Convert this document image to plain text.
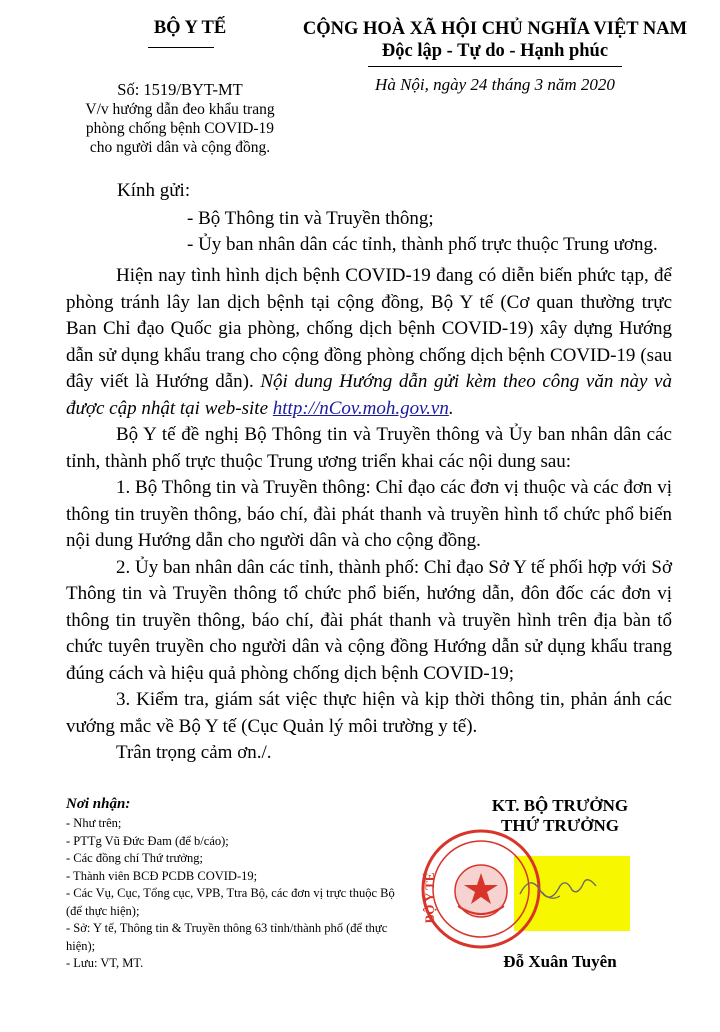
BỘ Y TẾ
Số: 1519/BYT-MT
V/v hướng dẫn đeo khẩu trang
phòng chống bệnh COVID-19
cho người dân và cộng đồng.
CỘNG HOÀ XÃ HỘI CHỦ NGHĨA VIỆT NAM
Độc lập - Tự do - Hạnh phúc
Hà Nội, ngày 24 tháng 3 năm 2020
Kính gửi:
- Bộ Thông tin và Truyền thông;
- Ủy ban nhân dân các tỉnh, thành phố trực thuộc Trung ương.

Hiện nay tình hình dịch bệnh COVID-19 đang có diễn biến phức tạp, để phòng tránh lây lan dịch bệnh tại cộng đồng, Bộ Y tế (Cơ quan thường trực Ban Chỉ đạo Quốc gia phòng, chống dịch bệnh COVID-19) xây dựng Hướng dẫn sử dụng khẩu trang cho cộng đồng phòng chống dịch bệnh COVID-19 (sau đây viết là Hướng dẫn). Nội dung Hướng dẫn gửi kèm theo công văn này và được cập nhật tại web-site http://nCov.moh.gov.vn.

Bộ Y tế đề nghị Bộ Thông tin và Truyền thông và Ủy ban nhân dân các tỉnh, thành phố trực thuộc Trung ương triển khai các nội dung sau:

1. Bộ Thông tin và Truyền thông: Chỉ đạo các đơn vị thuộc và các đơn vị thông tin truyền thông, báo chí, đài phát thanh và truyền hình tổ chức phổ biến nội dung Hướng dẫn cho người dân và cho cộng đồng.

2. Ủy ban nhân dân các tỉnh, thành phố: Chỉ đạo Sở Y tế phối hợp với Sở Thông tin và Truyền thông tổ chức phổ biến, hướng dẫn, đôn đốc các đơn vị thông tin truyền thông, báo chí, đài phát thanh và truyền hình trên địa bàn tổ chức tuyên truyền cho người dân và cộng đồng Hướng dẫn sử dụng khẩu trang đúng cách và hiệu quả phòng chống dịch bệnh COVID-19;

3. Kiểm tra, giám sát việc thực hiện và kịp thời thông tin, phản ánh các vướng mắc về Bộ Y tế (Cục Quản lý môi trường y tế).

Trân trọng cảm ơn./.

Nơi nhận:
- Như trên;
- PTTg Vũ Đức Đam (để b/cáo);
- Các đồng chí Thứ trưởng;
- Thành viên BCĐ PCDB COVID-19;
- Các Vụ, Cục, Tổng cục, VPB, Ttra Bộ, các đơn vị trực thuộc Bộ (để thực hiện);
- Sở: Y tế, Thông tin & Truyền thông 63 tỉnh/thành phố (để thực hiện);
- Lưu: VT, MT.
BỘ Y TẾ
KT. BỘ TRƯỞNG
THỨ TRƯỞNG
Đỗ Xuân Tuyên
